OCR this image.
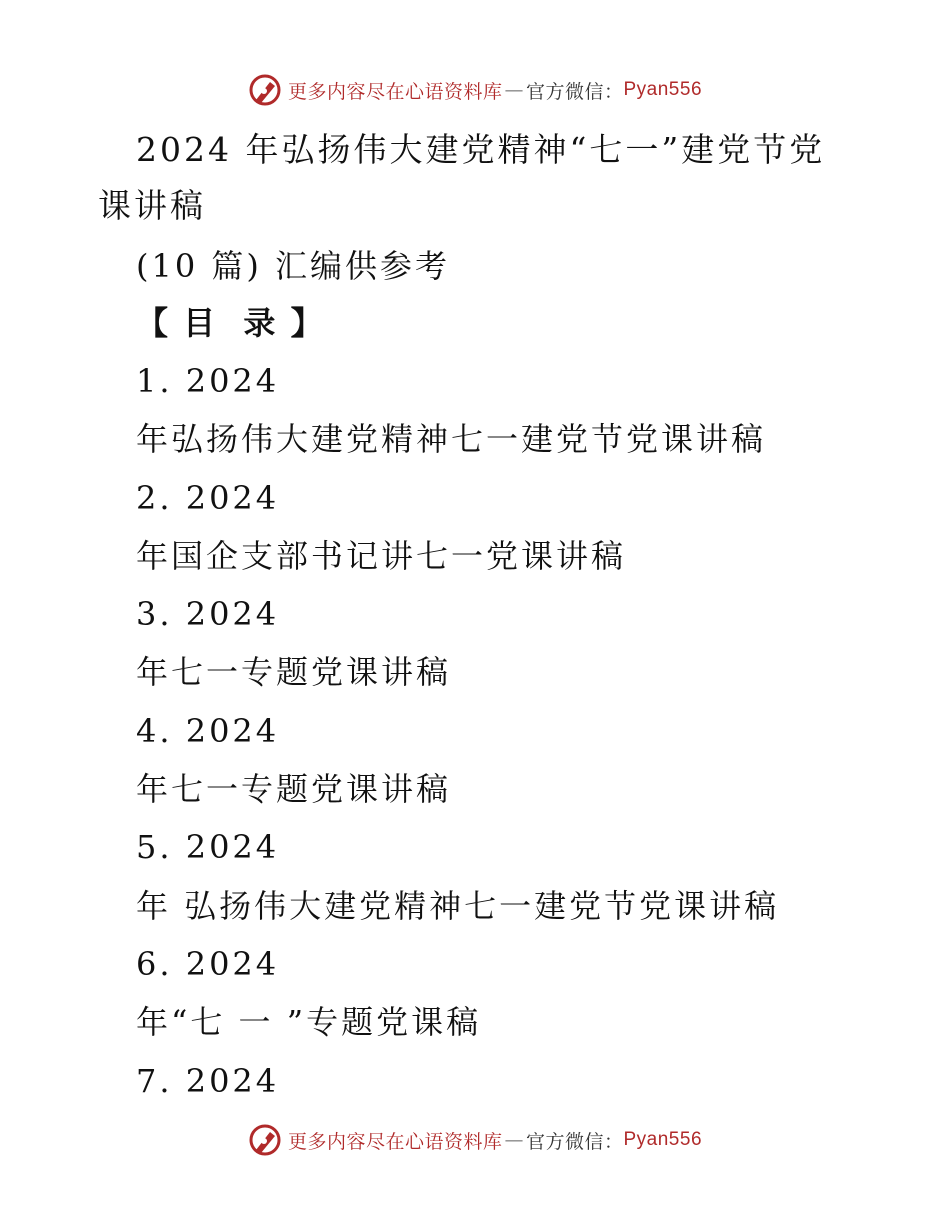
更多内容尽在心语资料库 — 官方微信： Pyan556
2024 年弘扬伟大建党精神“七一”建党节党课讲稿

(10 篇) 汇编供参考

【 目  录 】

1. 2024
年弘扬伟大建党精神七一建党节党课讲稿
2. 2024
年国企支部书记讲七一党课讲稿
3. 2024
年七一专题党课讲稿
4. 2024
年七一专题党课讲稿
5. 2024
年 弘扬伟大建党精神七一建党节党课讲稿
6. 2024
年“七 一 ”专题党课稿
7. 2024
更多内容尽在心语资料库 — 官方微信： Pyan556
